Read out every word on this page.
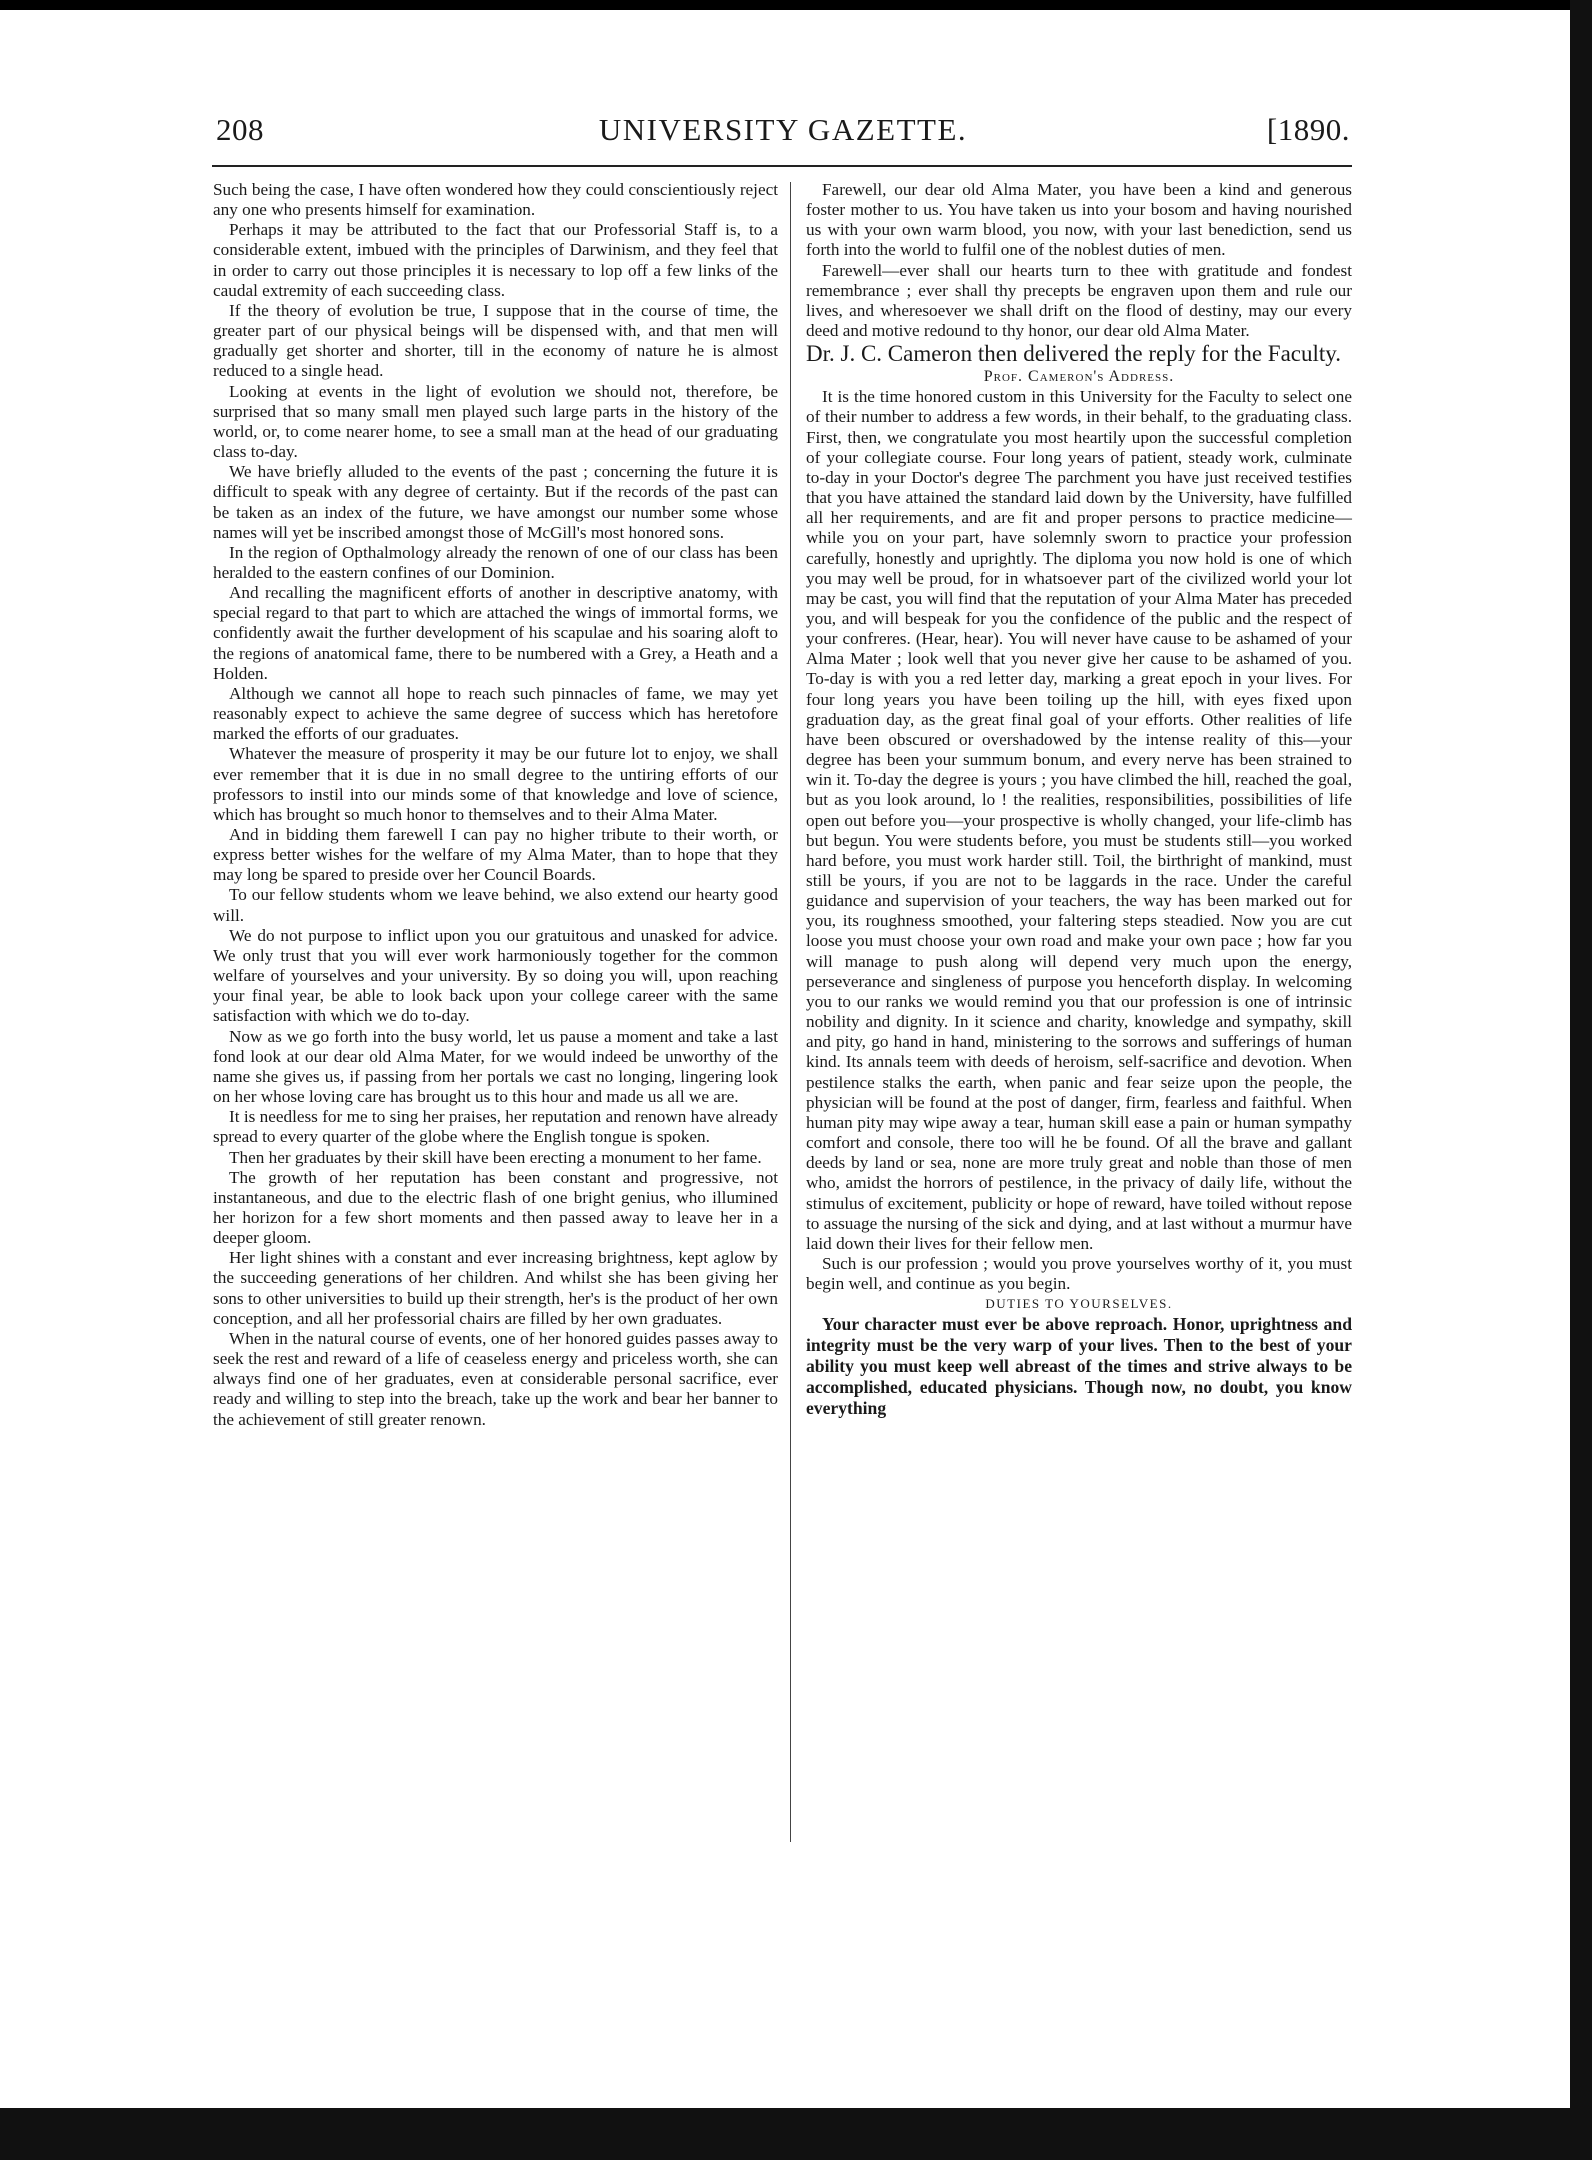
208	UNIVERSITY GAZETTE.	[1890.

Such being the case, I have often wondered how they could conscientiously reject any one who presents himself for examination.

Perhaps it may be attributed to the fact that our Professorial Staff is, to a considerable extent, imbued with the principles of Darwinism, and they feel that in order to carry out those principles it is necessary to lop off a few links of the caudal extremity of each succeeding class.

If the theory of evolution be true, I suppose that in the course of time, the greater part of our physical beings will be dispensed with, and that men will gradually get shorter and shorter, till in the economy of nature he is almost reduced to a single head.

Looking at events in the light of evolution we should not, therefore, be surprised that so many small men played such large parts in the history of the world, or, to come nearer home, to see a small man at the head of our graduating class to-day.

We have briefly alluded to the events of the past ; concerning the future it is difficult to speak with any degree of certainty. But if the records of the past can be taken as an index of the future, we have amongst our number some whose names will yet be inscribed amongst those of McGill's most honored sons.

In the region of Opthalmology already the renown of one of our class has been heralded to the eastern confines of our Dominion.

And recalling the magnificent efforts of another in descriptive anatomy, with special regard to that part to which are attached the wings of immortal forms, we confidently await the further development of his scapulae and his soaring aloft to the regions of anatomical fame, there to be numbered with a Grey, a Heath and a Holden.

Although we cannot all hope to reach such pinnacles of fame, we may yet reasonably expect to achieve the same degree of success which has heretofore marked the efforts of our graduates.

Whatever the measure of prosperity it may be our future lot to enjoy, we shall ever remember that it is due in no small degree to the untiring efforts of our professors to instil into our minds some of that knowledge and love of science, which has brought so much honor to themselves and to their Alma Mater.

And in bidding them farewell I can pay no higher tribute to their worth, or express better wishes for the welfare of my Alma Mater, than to hope that they may long be spared to preside over her Council Boards.

To our fellow students whom we leave behind, we also extend our hearty good will.

We do not purpose to inflict upon you our gratuitous and unasked for advice. We only trust that you will ever work harmoniously together for the common welfare of yourselves and your university. By so doing you will, upon reaching your final year, be able to look back upon your college career with the same satisfaction with which we do to-day.

Now as we go forth into the busy world, let us pause a moment and take a last fond look at our dear old Alma Mater, for we would indeed be unworthy of the name she gives us, if passing from her portals we cast no longing, lingering look on her whose loving care has brought us to this hour and made us all we are.

It is needless for me to sing her praises, her reputation and renown have already spread to every quarter of the globe where the English tongue is spoken.

Then her graduates by their skill have been erecting a monument to her fame.

The growth of her reputation has been constant and progressive, not instantaneous, and due to the electric flash of one bright genius, who illumined her horizon for a few short moments and then passed away to leave her in a deeper gloom.

Her light shines with a constant and ever increasing brightness, kept aglow by the succeeding generations of her children. And whilst she has been giving her sons to other universities to build up their strength, her's is the product of her own conception, and all her professorial chairs are filled by her own graduates.

When in the natural course of events, one of her honored guides passes away to seek the rest and reward of a life of ceaseless energy and priceless worth, she can always find one of her graduates, even at considerable personal sacrifice, ever ready and willing to step into the breach, take up the work and bear her banner to the achievement of still greater renown.

Farewell, our dear old Alma Mater, you have been a kind and generous foster mother to us. You have taken us into your bosom and having nourished us with your own warm blood, you now, with your last benediction, send us forth into the world to fulfil one of the noblest duties of men.

Farewell—ever shall our hearts turn to thee with gratitude and fondest remembrance ; ever shall thy precepts be engraven upon them and rule our lives, and wheresoever we shall drift on the flood of destiny, may our every deed and motive redound to thy honor, our dear old Alma Mater.

Dr. J. C. Cameron then delivered the reply for the Faculty.

Prof. Cameron's Address.

It is the time honored custom in this University for the Faculty to select one of their number to address a few words, in their behalf, to the graduating class. First, then, we congratulate you most heartily upon the successful completion of your collegiate course. Four long years of patient, steady work, culminate to-day in your Doctor's degree The parchment you have just received testifies that you have attained the standard laid down by the University, have fulfilled all her requirements, and are fit and proper persons to practice medicine—while you on your part, have solemnly sworn to practice your profession carefully, honestly and uprightly. The diploma you now hold is one of which you may well be proud, for in whatsoever part of the civilized world your lot may be cast, you will find that the reputation of your Alma Mater has preceded you, and will bespeak for you the confidence of the public and the respect of your confreres. (Hear, hear). You will never have cause to be ashamed of your Alma Mater ; look well that you never give her cause to be ashamed of you. To-day is with you a red letter day, marking a great epoch in your lives. For four long years you have been toiling up the hill, with eyes fixed upon graduation day, as the great final goal of your efforts. Other realities of life have been obscured or overshadowed by the intense reality of this—your degree has been your summum bonum, and every nerve has been strained to win it. To-day the degree is yours ; you have climbed the hill, reached the goal, but as you look around, lo ! the realities, responsibilities, possibilities of life open out before you—your prospective is wholly changed, your life-climb has but begun. You were students before, you must be students still—you worked hard before, you must work harder still. Toil, the birthright of mankind, must still be yours, if you are not to be laggards in the race. Under the careful guidance and supervision of your teachers, the way has been marked out for you, its roughness smoothed, your faltering steps steadied. Now you are cut loose you must choose your own road and make your own pace ; how far you will manage to push along will depend very much upon the energy, perseverance and singleness of purpose you henceforth display. In welcoming you to our ranks we would remind you that our profession is one of intrinsic nobility and dignity. In it science and charity, knowledge and sympathy, skill and pity, go hand in hand, ministering to the sorrows and sufferings of human kind. Its annals teem with deeds of heroism, self-sacrifice and devotion. When pestilence stalks the earth, when panic and fear seize upon the people, the physician will be found at the post of danger, firm, fearless and faithful. When human pity may wipe away a tear, human skill ease a pain or human sympathy comfort and console, there too will he be found. Of all the brave and gallant deeds by land or sea, none are more truly great and noble than those of men who, amidst the horrors of pestilence, in the privacy of daily life, without the stimulus of excitement, publicity or hope of reward, have toiled without repose to assuage the nursing of the sick and dying, and at last without a murmur have laid down their lives for their fellow men.

Such is our profession ; would you prove yourselves worthy of it, you must begin well, and continue as you begin.

DUTIES TO YOURSELVES.

Your character must ever be above reproach. Honor, uprightness and integrity must be the very warp of your lives. Then to the best of your ability you must keep well abreast of the times and strive always to be accomplished, educated physicians. Though now, no doubt, you know everything
